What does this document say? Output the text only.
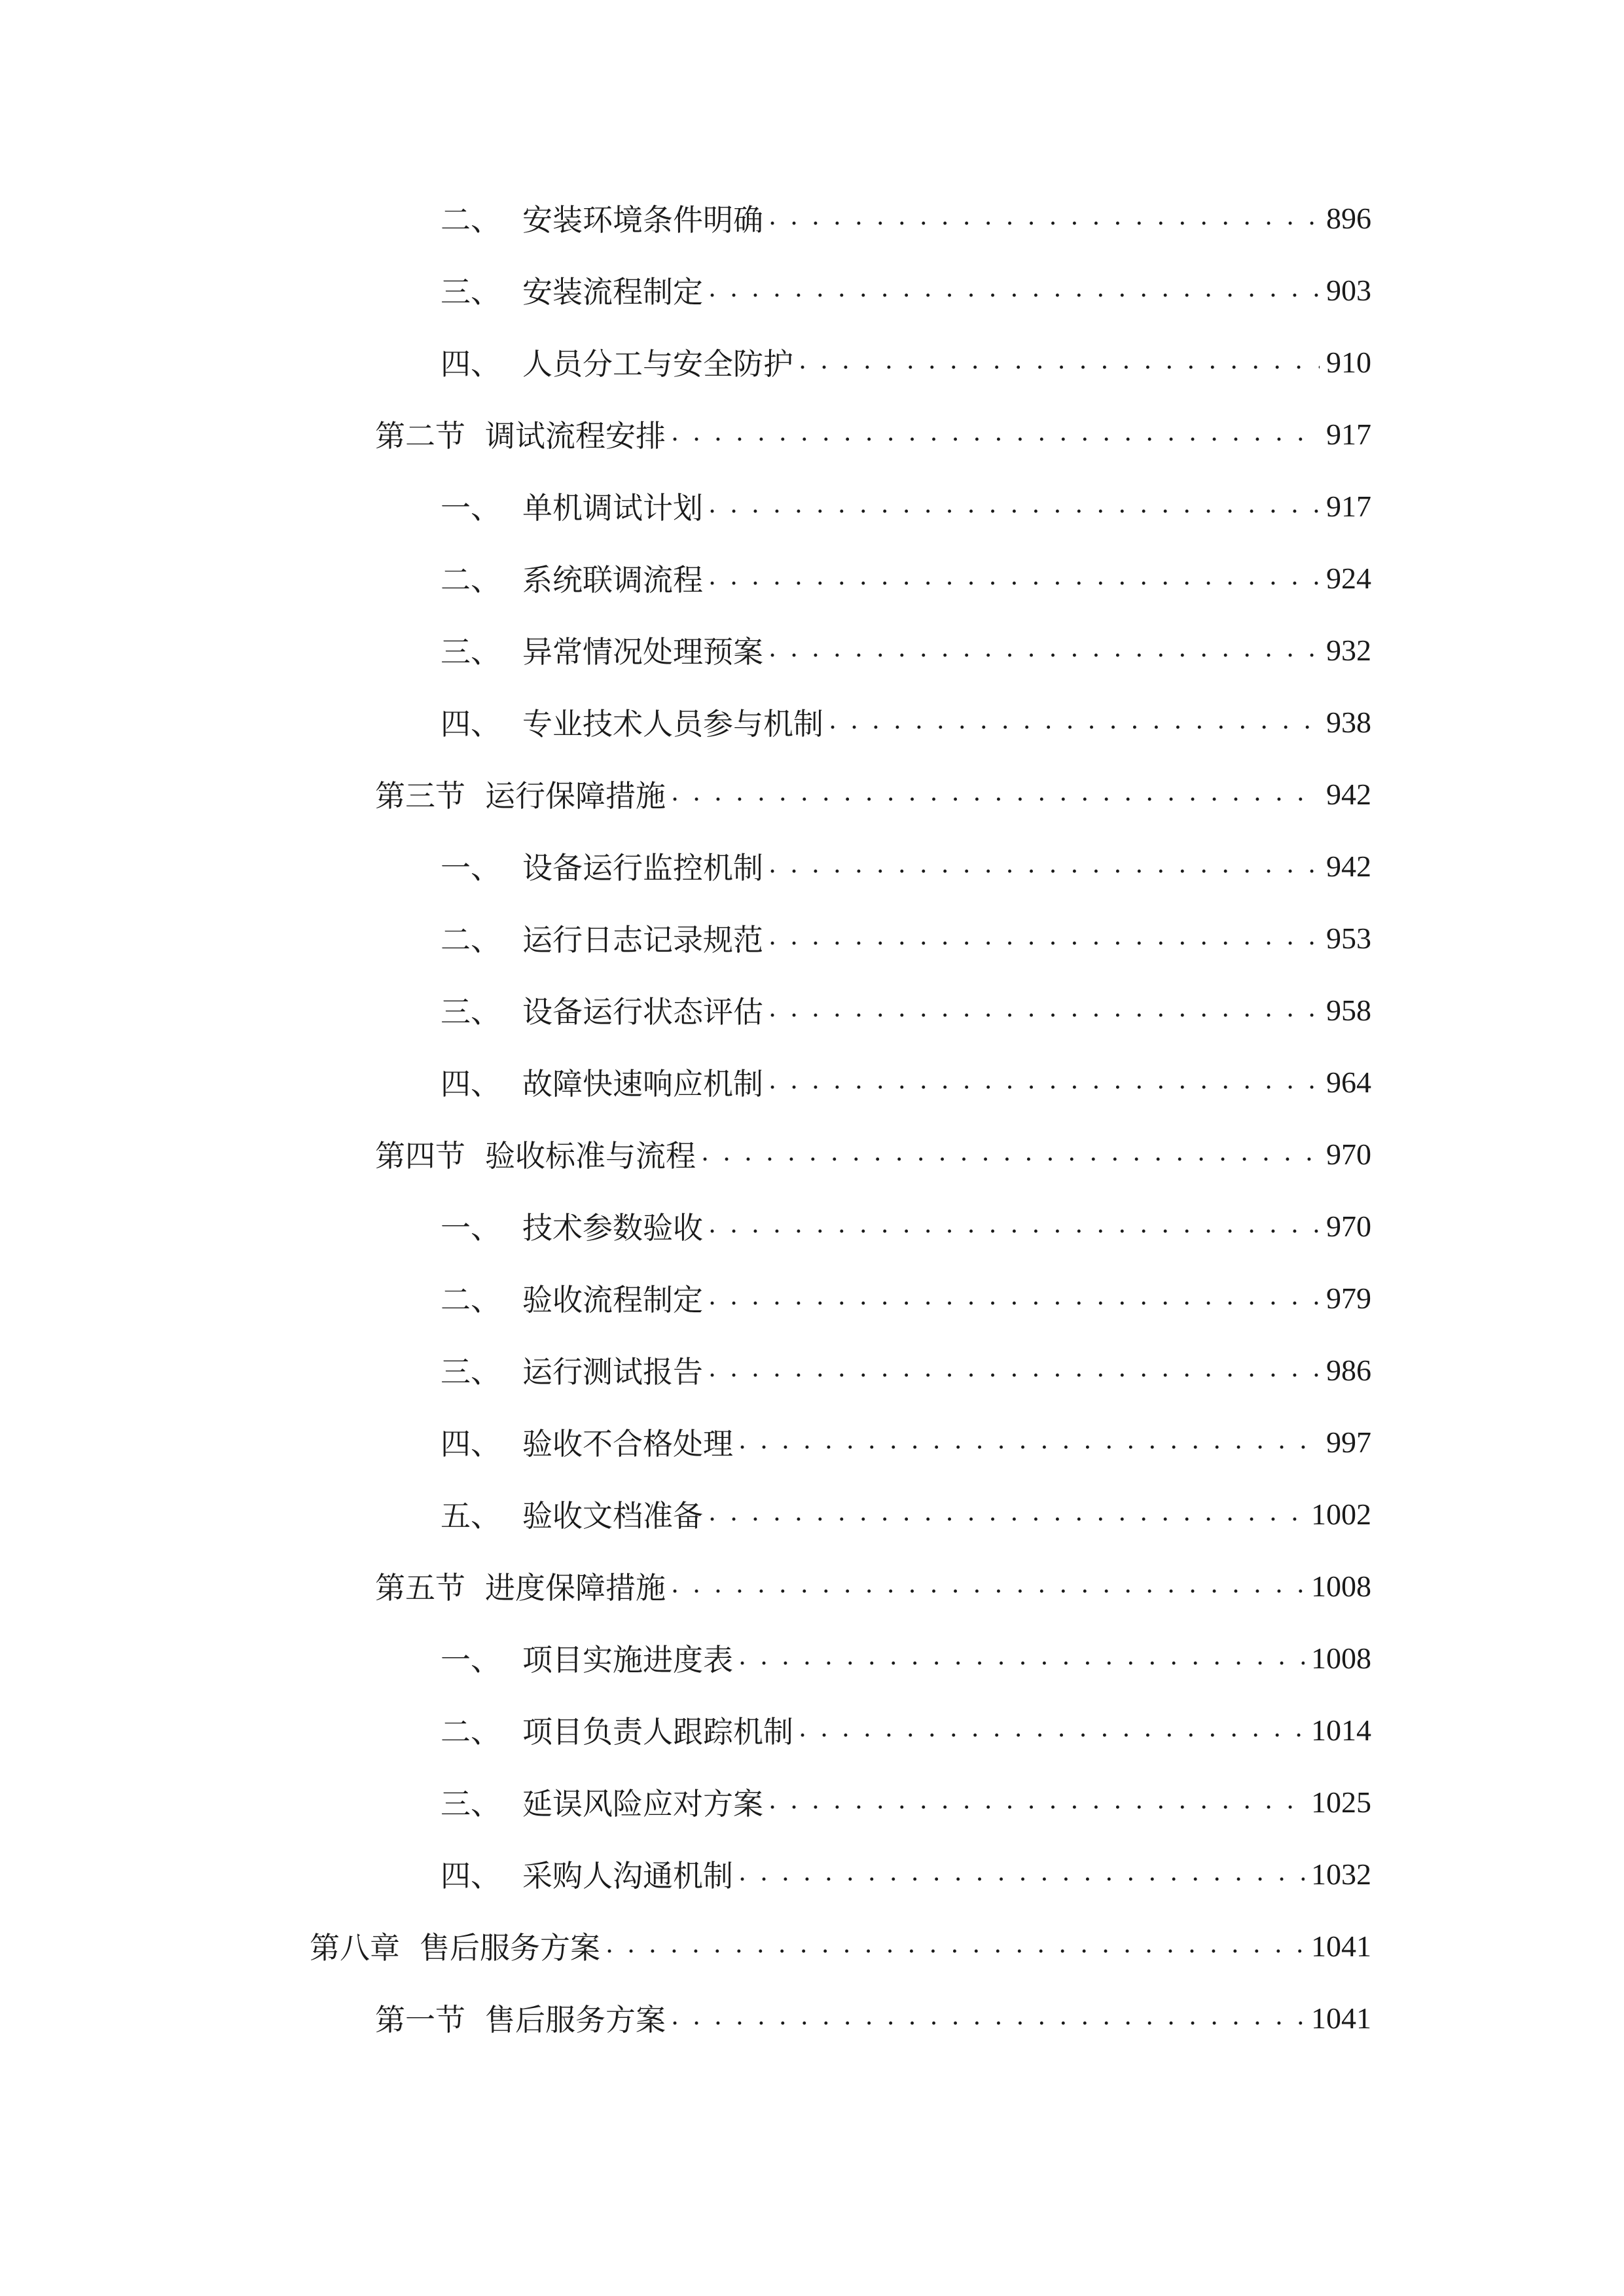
二、 安装环境条件明确 . . .	896
三、 安装流程制定 . . .	903
四、 人员分工与安全防护 . . .	910
第二节 调试流程安排 . . .	917
一、 单机调试计划 . . .	917
二、 系统联调流程 . . .	924
三、 异常情况处理预案 . . .	932
四、 专业技术人员参与机制 . . .	938
第三节 运行保障措施 . . .	942
一、 设备运行监控机制 . . .	942
二、 运行日志记录规范 . . .	953
三、 设备运行状态评估 . . .	958
四、 故障快速响应机制 . . .	964
第四节 验收标准与流程 . . .	970
一、 技术参数验收 . . .	970
二、 验收流程制定 . . .	979
三、 运行测试报告 . . .	986
四、 验收不合格处理 . . .	997
五、 验收文档准备 . . .	1002
第五节 进度保障措施 . . .	1008
一、 项目实施进度表 . . .	1008
二、 项目负责人跟踪机制 . . .	1014
三、 延误风险应对方案 . . .	1025
四、 采购人沟通机制 . . .	1032
第八章 售后服务方案 . . .	1041
第一节 售后服务方案 . . .	1041
